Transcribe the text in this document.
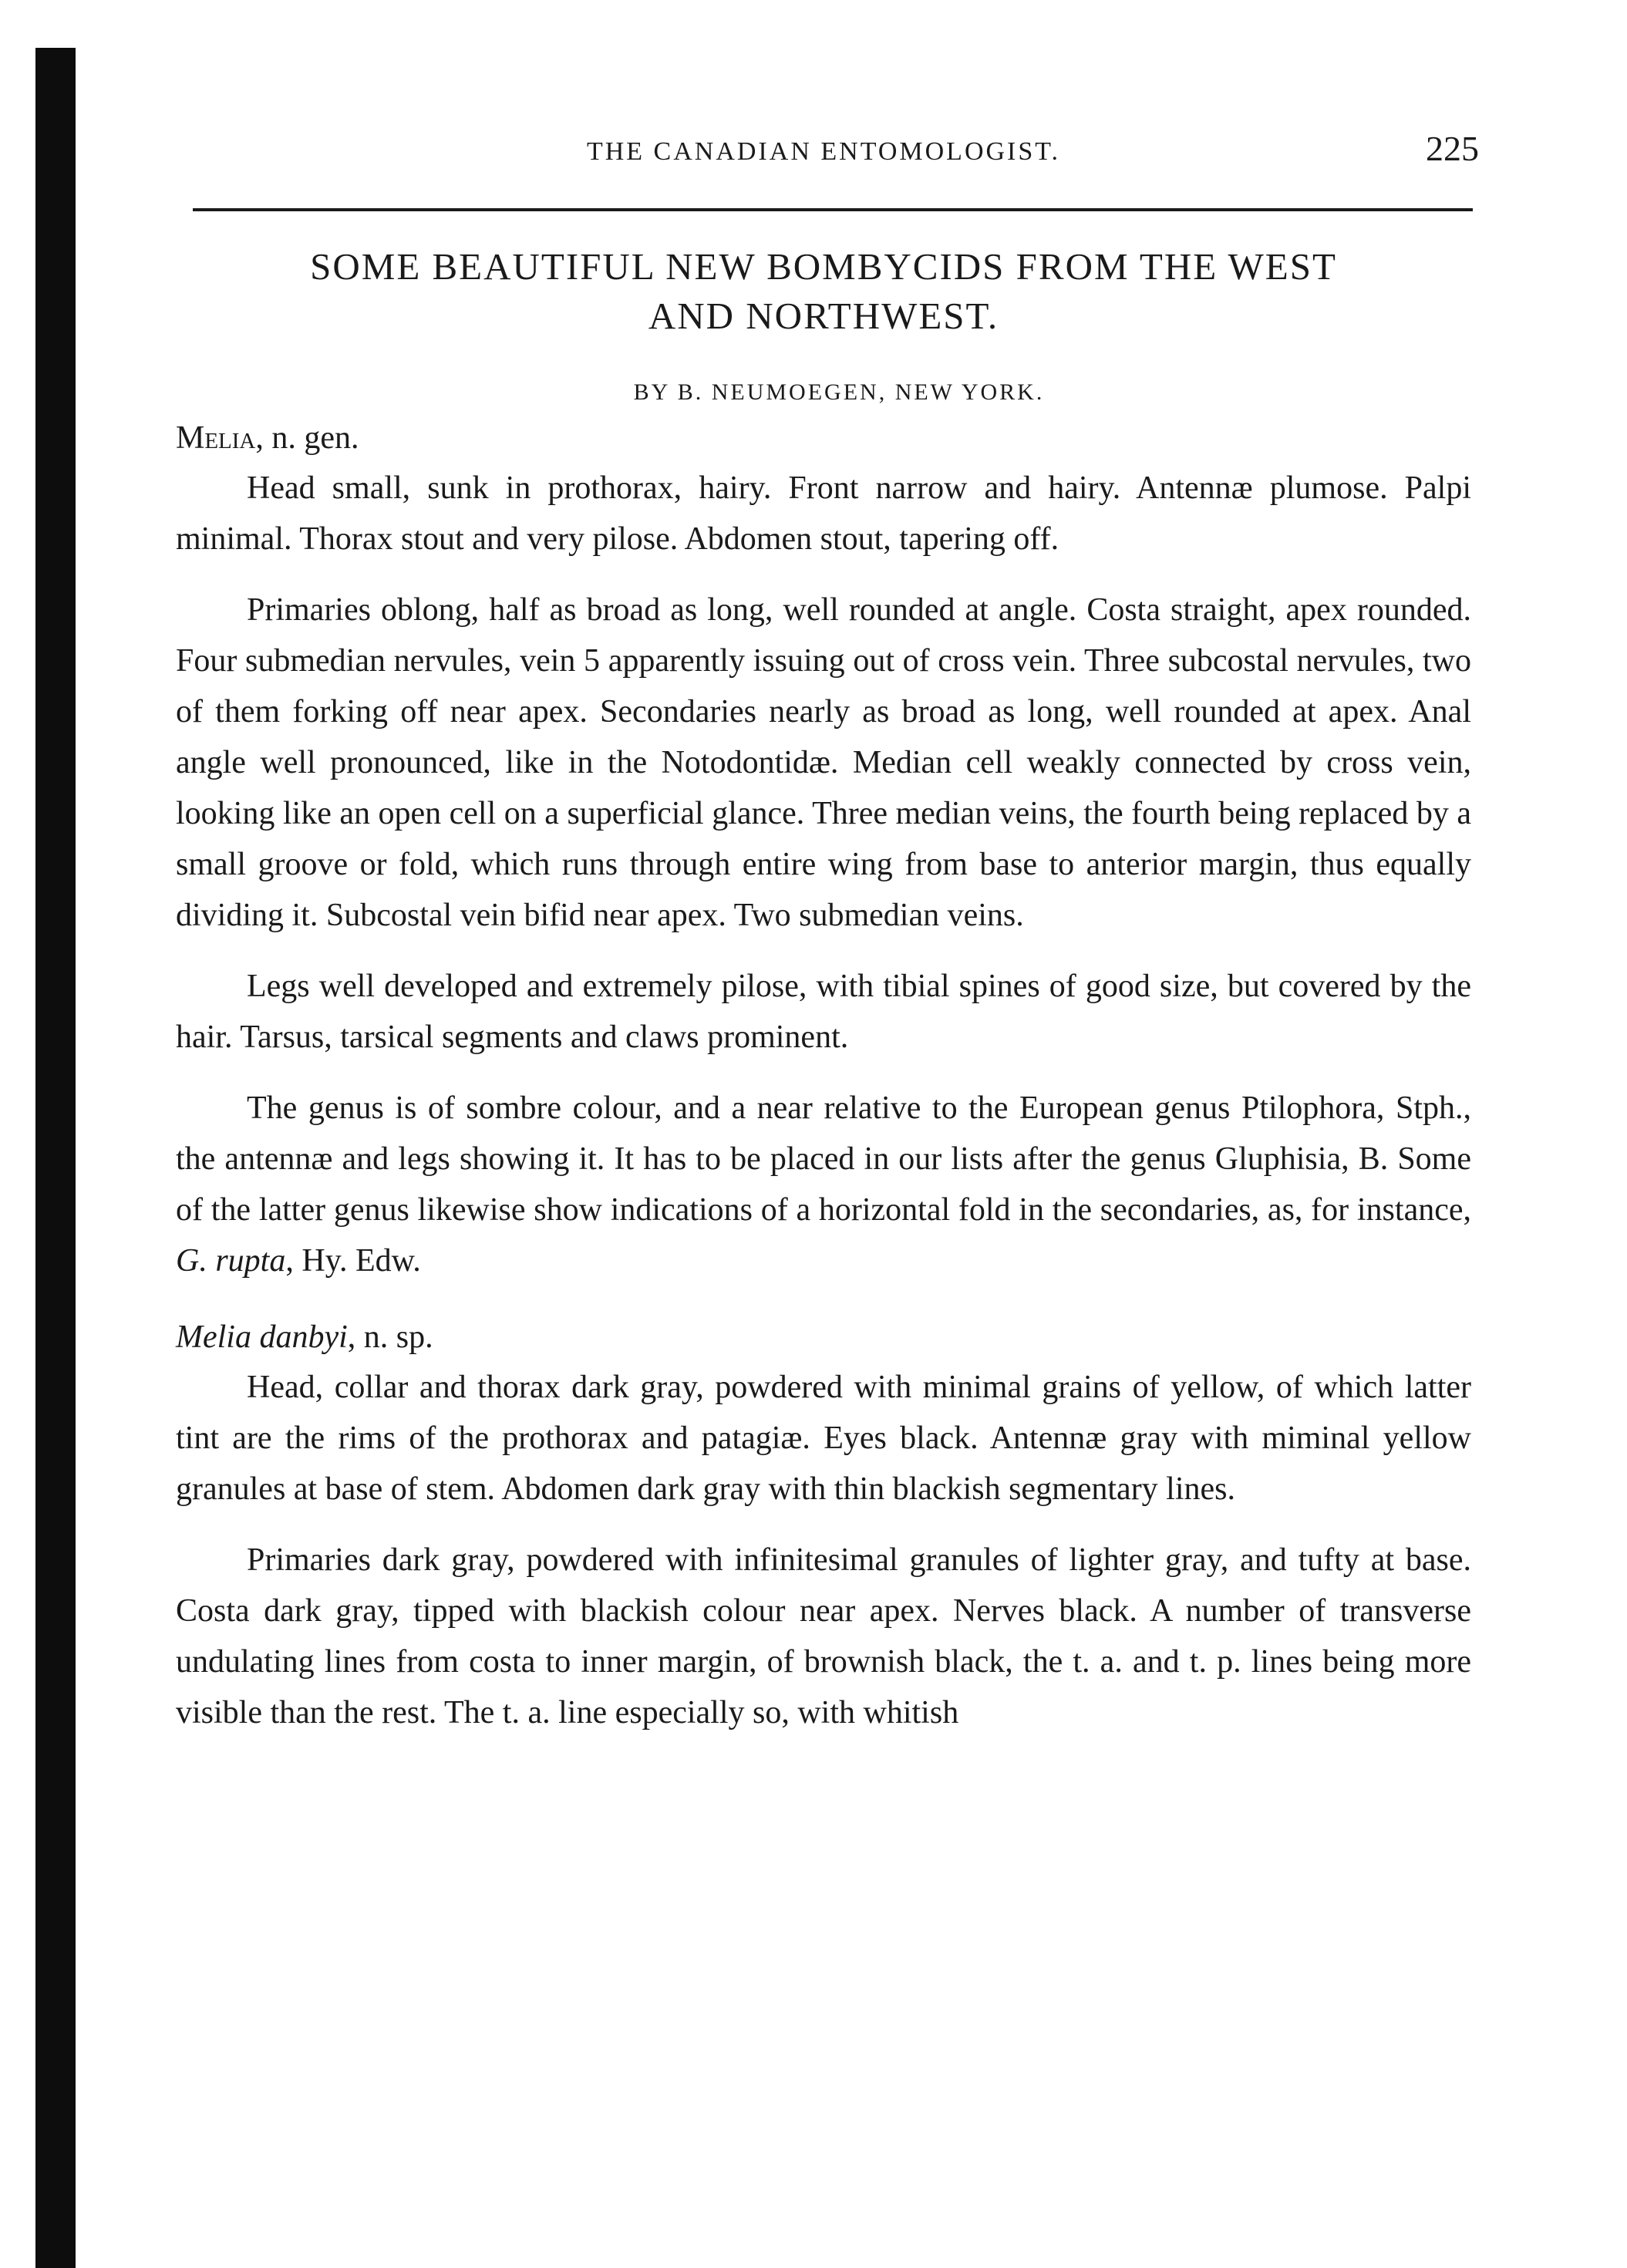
THE CANADIAN ENTOMOLOGIST.	225
SOME BEAUTIFUL NEW BOMBYCIDS FROM THE WEST
AND NORTHWEST.
BY B. NEUMOEGEN, NEW YORK.
Melia, n. gen.

Head small, sunk in prothorax, hairy. Front narrow and hairy. Antennæ plumose. Palpi minimal. Thorax stout and very pilose. Abdomen stout, tapering off.

Primaries oblong, half as broad as long, well rounded at angle. Costa straight, apex rounded. Four submedian nervules, vein 5 apparently issuing out of cross vein. Three subcostal nervules, two of them forking off near apex. Secondaries nearly as broad as long, well rounded at apex. Anal angle well pronounced, like in the Notodontidæ. Median cell weakly connected by cross vein, looking like an open cell on a superficial glance. Three median veins, the fourth being replaced by a small groove or fold, which runs through entire wing from base to anterior margin, thus equally dividing it. Subcostal vein bifid near apex. Two submedian veins.

Legs well developed and extremely pilose, with tibial spines of good size, but covered by the hair. Tarsus, tarsical segments and claws prominent.

The genus is of sombre colour, and a near relative to the European genus Ptilophora, Stph., the antennæ and legs showing it. It has to be placed in our lists after the genus Gluphisia, B. Some of the latter genus likewise show indications of a horizontal fold in the secondaries, as, for instance, G. rupta, Hy. Edw.

Melia danbyi, n. sp.

Head, collar and thorax dark gray, powdered with minimal grains of yellow, of which latter tint are the rims of the prothorax and patagiæ. Eyes black. Antennæ gray with miminal yellow granules at base of stem. Abdomen dark gray with thin blackish segmentary lines.

Primaries dark gray, powdered with infinitesimal granules of lighter gray, and tufty at base. Costa dark gray, tipped with blackish colour near apex. Nerves black. A number of transverse undulating lines from costa to inner margin, of brownish black, the t. a. and t. p. lines being more visible than the rest. The t. a. line especially so, with whitish
